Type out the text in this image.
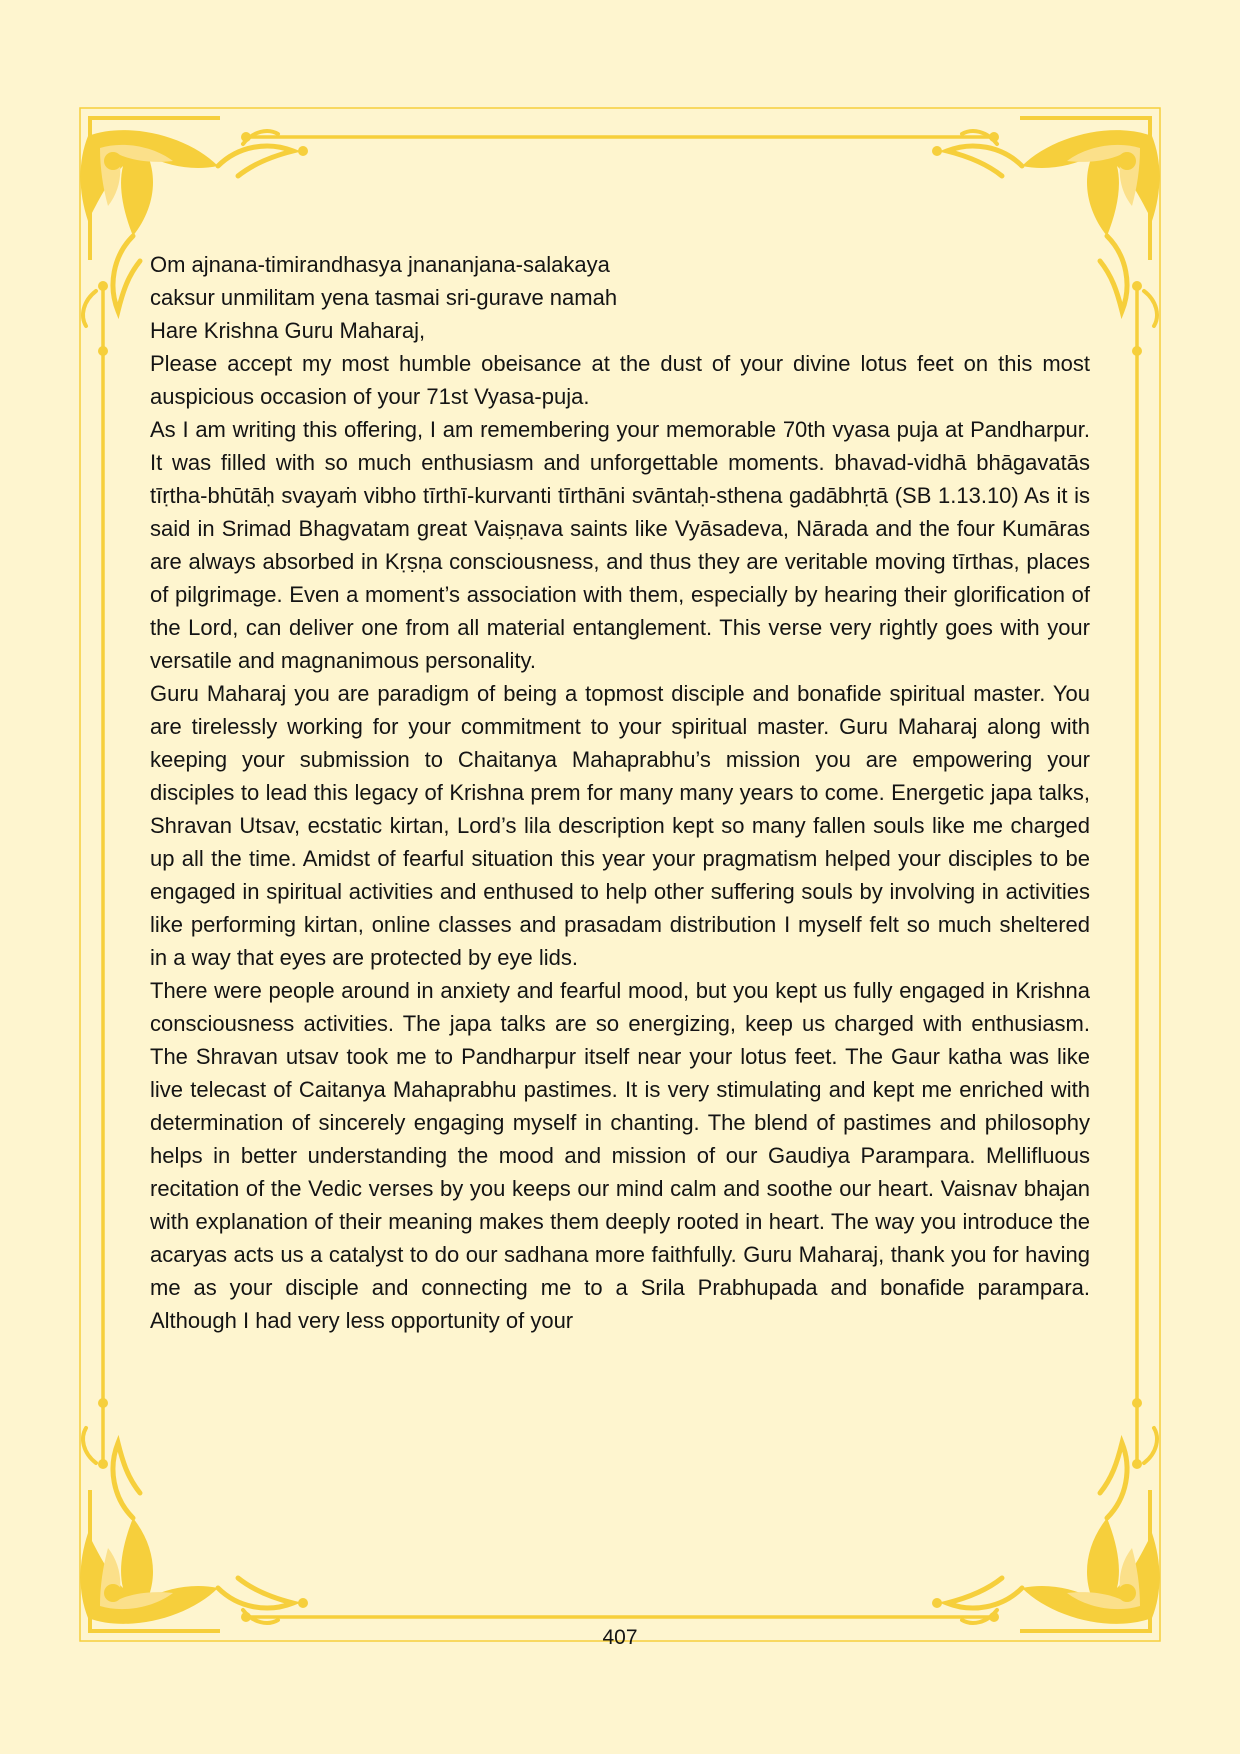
Om ajnana-timirandhasya jnananjana-salakaya

caksur unmilitam yena tasmai sri-gurave namah

Hare Krishna Guru Maharaj,

Please accept my most humble obeisance at the dust of your divine lotus feet on this most auspicious occasion of your 71st Vyasa-puja.

As I am writing this offering, I am remembering your memorable 70th vyasa puja at Pandharpur. It was filled with so much enthusiasm and unforgettable moments. bhavad-vidhā bhāgavatās tīṛtha-bhūtāḥ svayaṁ vibho tīrthī-kurvanti tīrthāni svāntaḥ-sthena gadābhṛtā (SB 1.13.10) As it is said in Srimad Bhagvatam great Vaiṣṇava saints like Vyāsadeva, Nārada and the four Kumāras are always absorbed in Kṛṣṇa consciousness, and thus they are veritable moving tīrthas, places of pilgrimage. Even a moment’s association with them, especially by hearing their glorification of the Lord, can deliver one from all material entanglement. This verse very rightly goes with your versatile and magnanimous personality.

Guru Maharaj you are paradigm of being a topmost disciple and bonafide spiritual master. You are tirelessly working for your commitment to your spiritual master. Guru Maharaj along with keeping your submission to Chaitanya Mahaprabhu’s mission you are empowering your disciples to lead this legacy of Krishna prem for many many years to come. Energetic japa talks, Shravan Utsav, ecstatic kirtan, Lord’s lila description kept so many fallen souls like me charged up all the time. Amidst of fearful situation this year your pragmatism helped your disciples to be engaged in spiritual activities and enthused to help other suffering souls by involving in activities like performing kirtan, online classes and prasadam distribution I myself felt so much sheltered in a way that eyes are protected by eye lids.

There were people around in anxiety and fearful mood, but you kept us fully engaged in Krishna consciousness activities. The japa talks are so energizing, keep us charged with enthusiasm. The Shravan utsav took me to Pandharpur itself near your lotus feet. The Gaur katha was like live telecast of Caitanya Mahaprabhu pastimes. It is very stimulating and kept me enriched with determination of sincerely engaging myself in chanting. The blend of pastimes and philosophy helps in better understanding the mood and mission of our Gaudiya Parampara. Mellifluous recitation of the Vedic verses by you keeps our mind calm and soothe our heart. Vaisnav bhajan with explanation of their meaning makes them deeply rooted in heart. The way you introduce the acaryas acts us a catalyst to do our sadhana more faithfully. Guru Maharaj, thank you for having me as your disciple and connecting me to a Srila Prabhupada and bonafide parampara. Although I had very less opportunity of your

407
